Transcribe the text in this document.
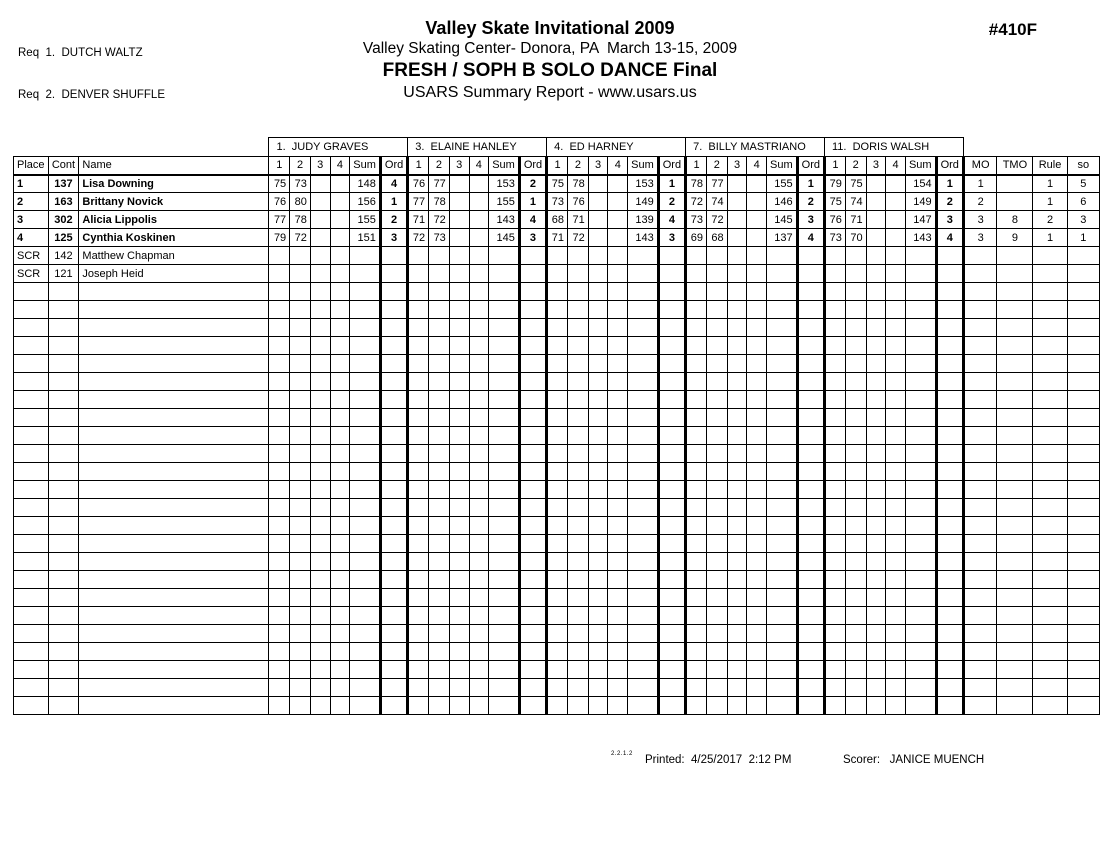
Req  1.  DUTCH WALTZ

Req  2.  DENVER SHUFFLE

Valley Skate Invitational 2009
Valley Skating Center- Donora, PA  March 13-15, 2009
FRESH / SOPH B SOLO DANCE Final
USARS Summary Report - www.usars.us
#410F
			1.  JUDY GRAVES						3.  ELAINE HANLEY						4.  ED HARNEY						7.  BILLY MASTRIANO						11.  DORIS WALSH									
Place	Cont	Name	1	2	3	4	Sum	Ord	1	2	3	4	Sum	Ord	1	2	3	4	Sum	Ord	1	2	3	4	Sum	Ord	1	2	3	4	Sum	Ord	MO	TMO	Rule	so
1	137	Lisa Downing	75	73			148	4	76	77			153	2	75	78			153	1	78	77			155	1	79	75			154	1	1		1	5
2	163	Brittany Novick	76	80			156	1	77	78			155	1	73	76			149	2	72	74			146	2	75	74			149	2	2		1	6
3	302	Alicia Lippolis	77	78			155	2	71	72			143	4	68	71			139	4	73	72			145	3	76	71			147	3	3	8	2	3
4	125	Cynthia Koskinen	79	72			151	3	72	73			145	3	71	72			143	3	69	68			137	4	73	70			143	4	3	9	1	1
SCR	142	Matthew Chapman																																		
SCR	121	Joseph Heid																																		

2.2.1.2 Printed:  4/25/2017  2:12 PM	Scorer:   JANICE MUENCH
